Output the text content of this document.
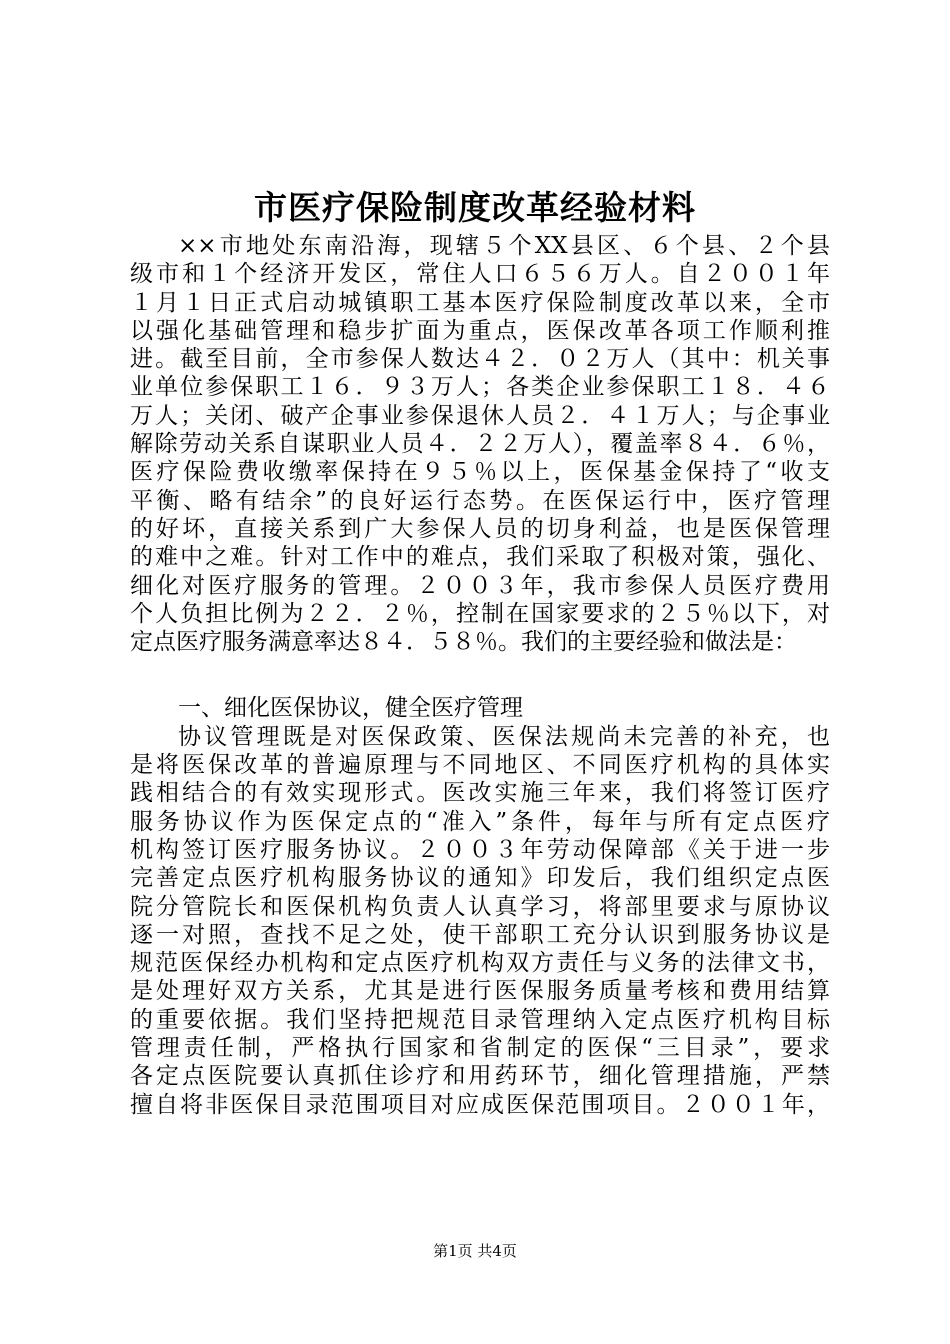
市医疗保险制度改革经验材料
××市地处东南沿海，现辖５个XX县区、６个县、２个县
级市和１个经济开发区，常住人口６５６万人。自２００１年
１月１日正式启动城镇职工基本医疗保险制度改革以来，全市
以强化基础管理和稳步扩面为重点，医保改革各项工作顺利推
进。截至目前，全市参保人数达４２．０２万人（其中：机关事
业单位参保职工１６．９３万人；各类企业参保职工１８．４６
万人；关闭、破产企事业参保退休人员２．４１万人；与企事业
解除劳动关系自谋职业人员４．２２万人），覆盖率８４．６％，
医疗保险费收缴率保持在９５％以上，医保基金保持了“收支
平衡、略有结余”的良好运行态势。在医保运行中，医疗管理
的好坏，直接关系到广大参保人员的切身利益，也是医保管理
的难中之难。针对工作中的难点，我们采取了积极对策，强化、
细化对医疗服务的管理。２００３年，我市参保人员医疗费用
个人负担比例为２２．２％，控制在国家要求的２５％以下，对
定点医疗服务满意率达８４．５８％。我们的主要经验和做法是：
一、细化医保协议，健全医疗管理
协议管理既是对医保政策、医保法规尚未完善的补充，也
是将医保改革的普遍原理与不同地区、不同医疗机构的具体实
践相结合的有效实现形式。医改实施三年来，我们将签订医疗
服务协议作为医保定点的“准入”条件，每年与所有定点医疗
机构签订医疗服务协议。２００３年劳动保障部《关于进一步
完善定点医疗机构服务协议的通知》印发后，我们组织定点医
院分管院长和医保机构负责人认真学习，将部里要求与原协议
逐一对照，查找不足之处，使干部职工充分认识到服务协议是
规范医保经办机构和定点医疗机构双方责任与义务的法律文书，
是处理好双方关系，尤其是进行医保服务质量考核和费用结算
的重要依据。我们坚持把规范目录管理纳入定点医疗机构目标
管理责任制，严格执行国家和省制定的医保“三目录”，要求
各定点医院要认真抓住诊疗和用药环节，细化管理措施，严禁
擅自将非医保目录范围项目对应成医保范围项目。２００１年，
第1页 共4页
